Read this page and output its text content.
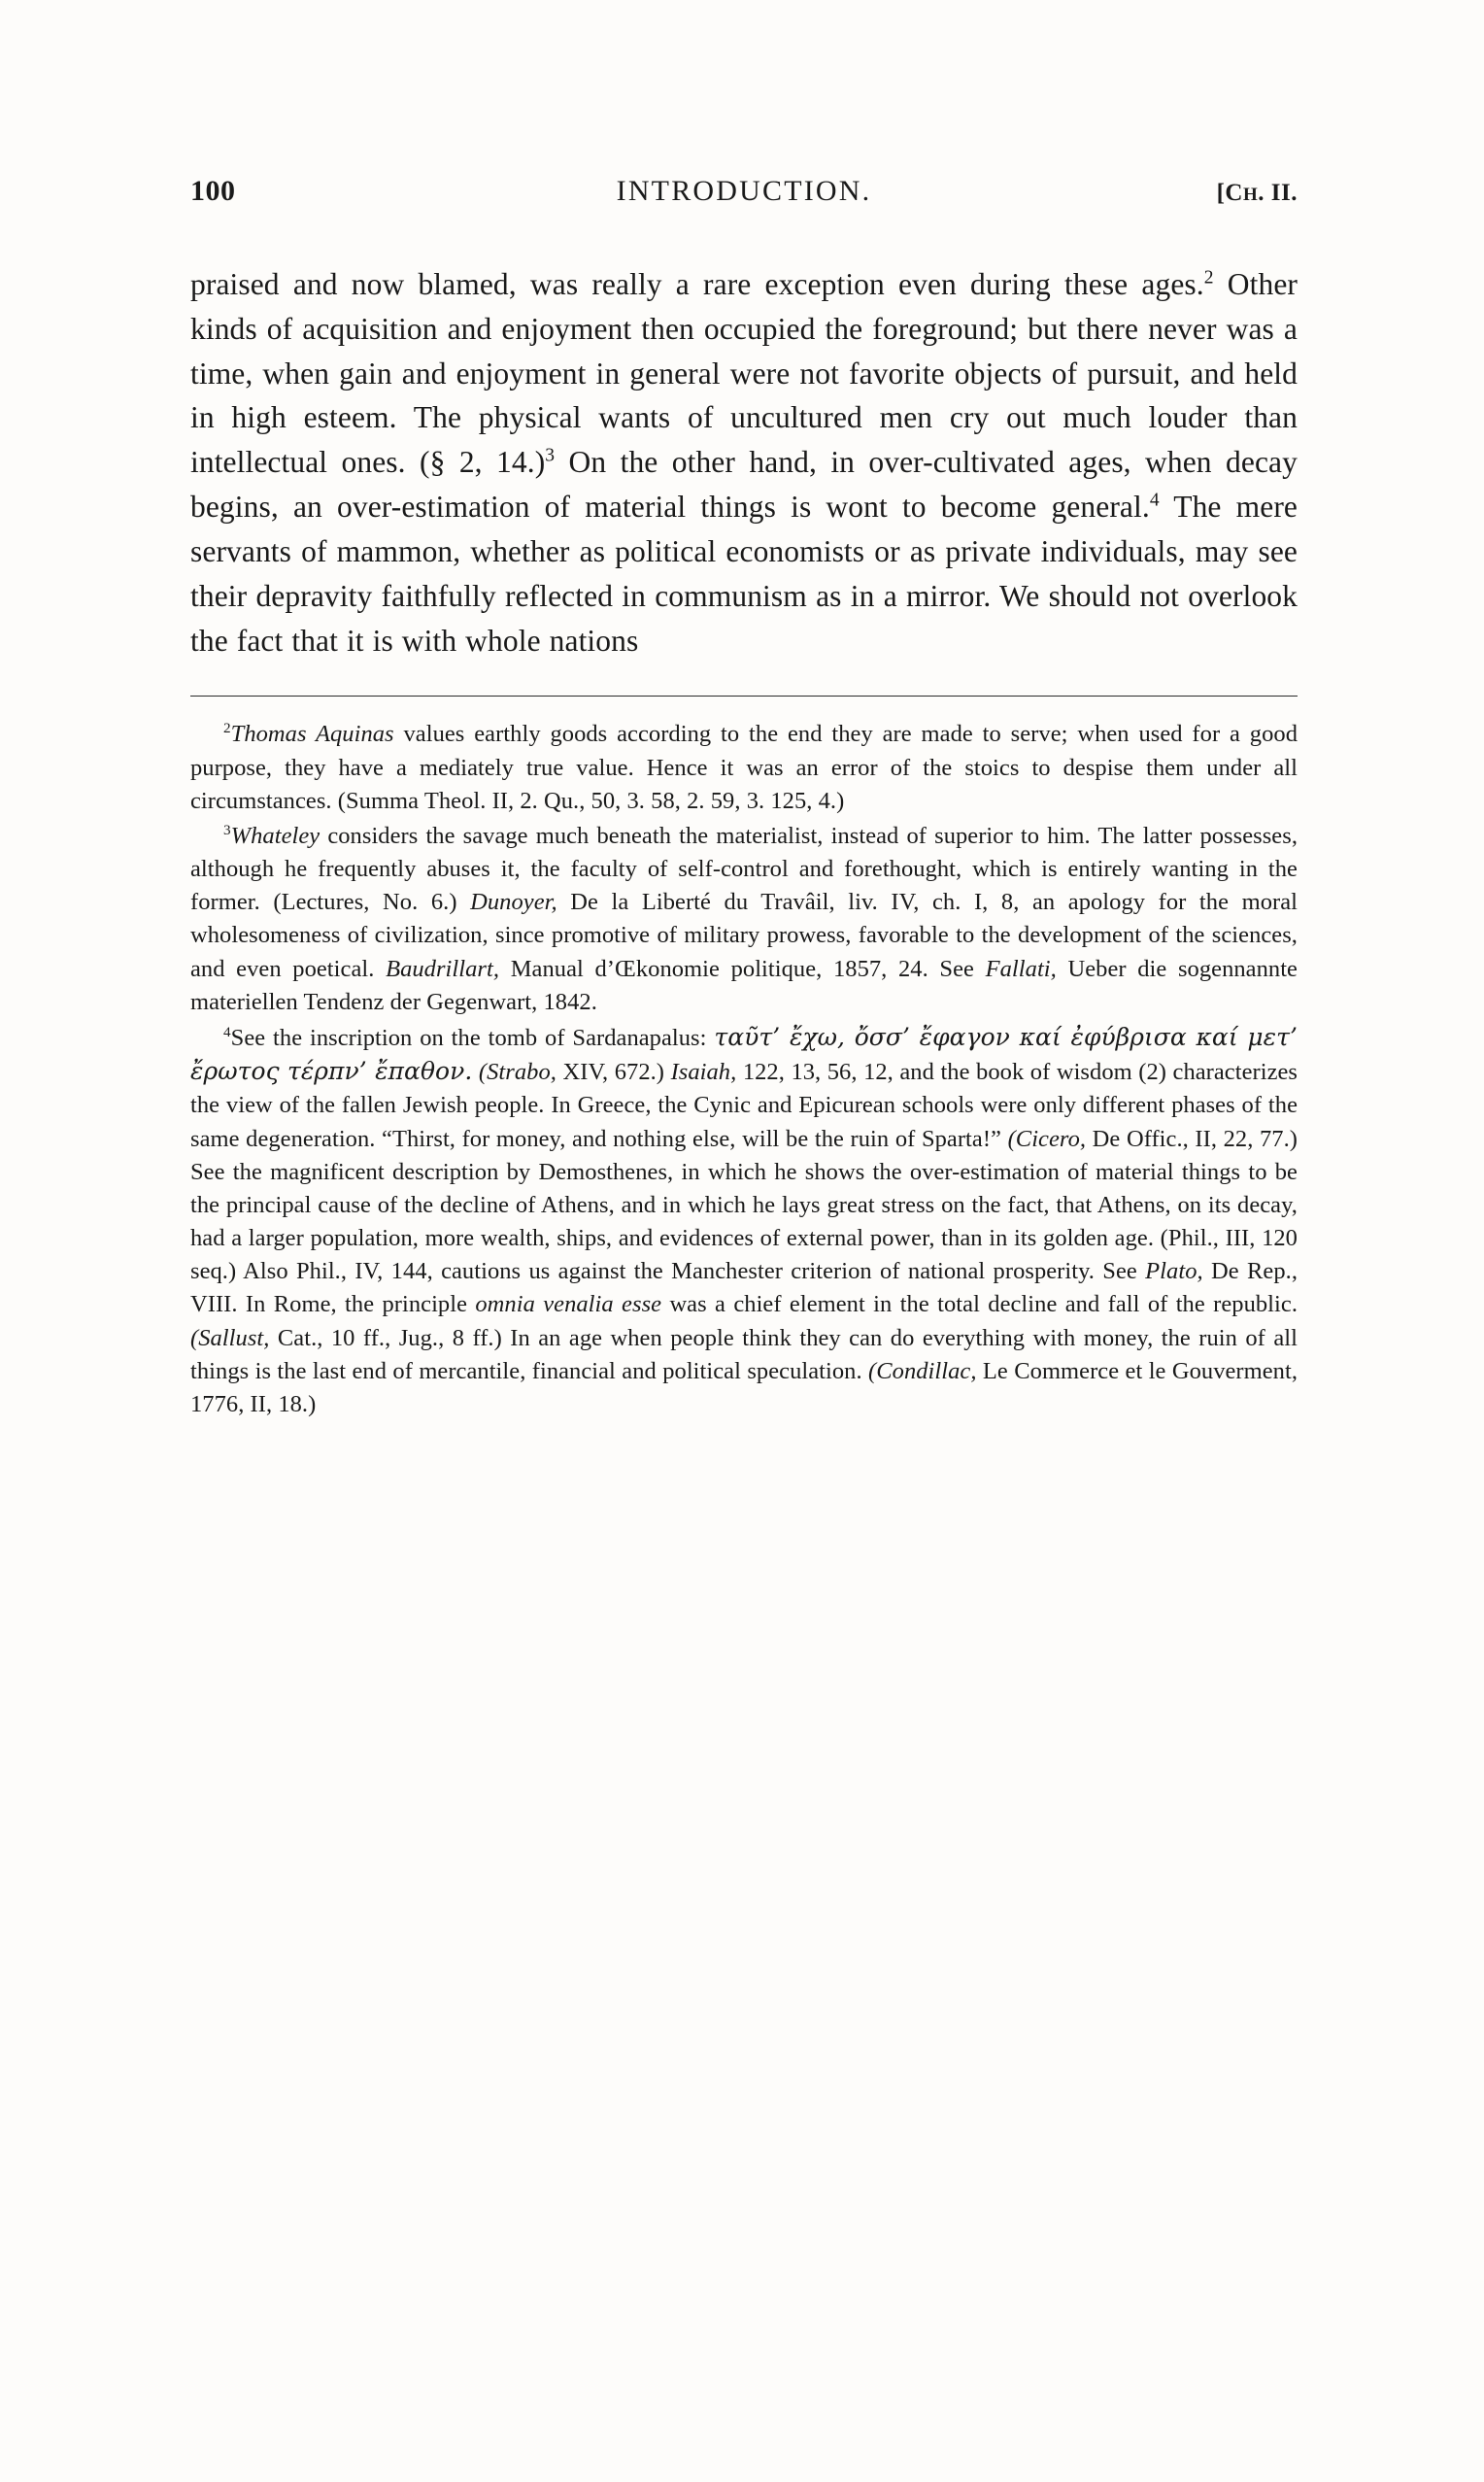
100	INTRODUCTION.	[CH. II.

praised and now blamed, was really a rare exception even during these ages.$^2$ Other kinds of acquisition and enjoyment then occupied the foreground; but there never was a time, when gain and enjoyment in general were not favorite objects of pursuit, and held in high esteem. The physical wants of uncultured men cry out much louder than intellectual ones. (§ 2, 14.)$^3$ On the other hand, in over-cultivated ages, when decay begins, an over-estimation of material things is wont to become general.$^4$ The mere servants of mammon, whether as political economists or as private individuals, may see their depravity faithfully reflected in communism as in a mirror. We should not overlook the fact that it is with whole nations

$^2$Thomas Aquinas values earthly goods according to the end they are made to serve; when used for a good purpose, they have a mediately true value. Hence it was an error of the stoics to despise them under all circumstances. (Summa Theol. II, 2. Qu., 50, 3. 58, 2. 59, 3. 125, 4.)

$^3$Whateley considers the savage much beneath the materialist, instead of superior to him. The latter possesses, although he frequently abuses it, the faculty of self-control and forethought, which is entirely wanting in the former. (Lectures, No. 6.) Dunoyer, De la Liberté du Travâil, liv. IV, ch. I, 8, an apology for the moral wholesomeness of civilization, since promotive of military prowess, favorable to the development of the sciences, and even poetical. Baudrillart, Manual d’Œkonomie politique, 1857, 24. See Fallati, Ueber die sogennannte materiellen Tendenz der Gegenwart, 1842.

$^4$See the inscription on the tomb of Sardanapalus: ταῦτ’ ἔχω, ὄσσ’ ἔφαγον καί ἐφύβρισα καί μετ’ ἔρωτος τέρπν’ ἔπαθον. (Strabo, XIV, 672.) Isaiah, 122, 13, 56, 12, and the book of wisdom (2) characterizes the view of the fallen Jewish people. In Greece, the Cynic and Epicurean schools were only different phases of the same degeneration. “Thirst, for money, and nothing else, will be the ruin of Sparta!” (Cicero, De Offic., II, 22, 77.) See the magnificent description by Demosthenes, in which he shows the over-estimation of material things to be the principal cause of the decline of Athens, and in which he lays great stress on the fact, that Athens, on its decay, had a larger population, more wealth, ships, and evidences of external power, than in its golden age. (Phil., III, 120 seq.) Also Phil., IV, 144, cautions us against the Manchester criterion of national prosperity. See Plato, De Rep., VIII. In Rome, the principle omnia venalia esse was a chief element in the total decline and fall of the republic. (Sallust, Cat., 10 ff., Jug., 8 ff.) In an age when people think they can do everything with money, the ruin of all things is the last end of mercantile, financial and political speculation. (Condillac, Le Commerce et le Gouverment, 1776, II, 18.)
